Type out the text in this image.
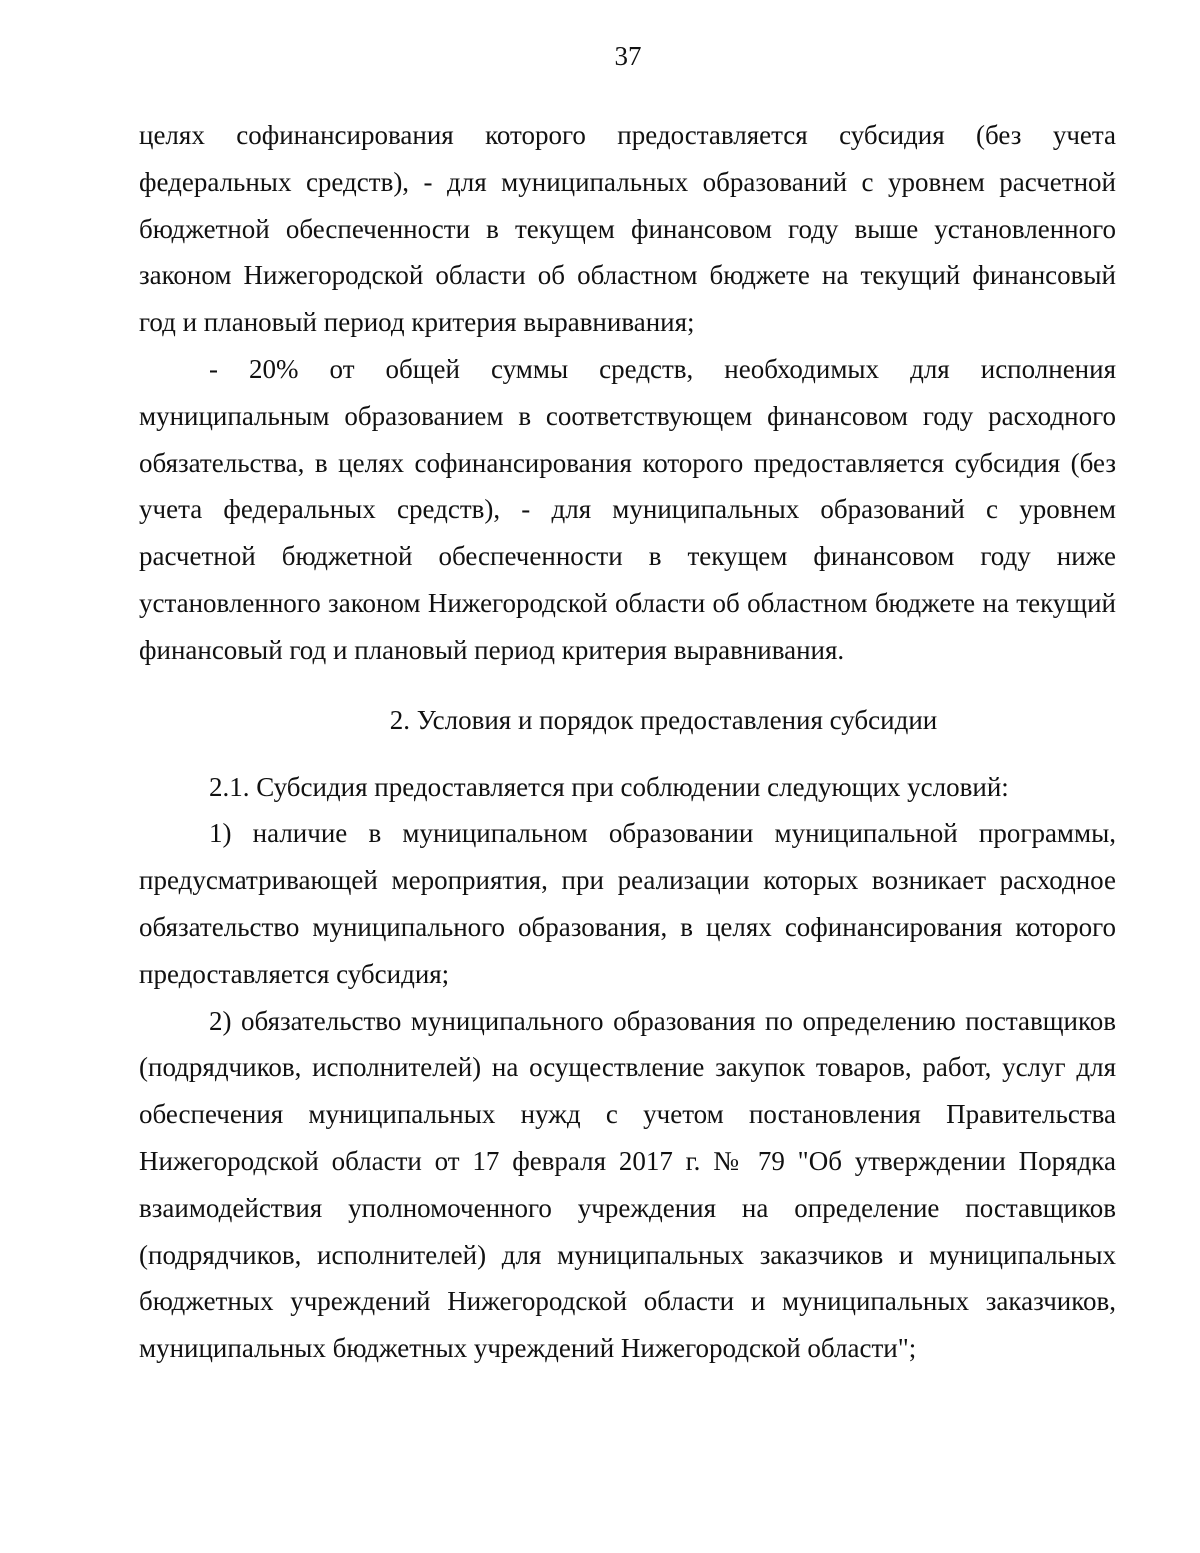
37

целях софинансирования которого предоставляется субсидия (без учета федеральных средств), - для муниципальных образований с уровнем расчетной бюджетной обеспеченности в текущем финансовом году выше установленного законом Нижегородской области об областном бюджете на текущий финансовый год и плановый период критерия выравнивания;

- 20% от общей суммы средств, необходимых для исполнения муниципальным образованием в соответствующем финансовом году расходного обязательства, в целях софинансирования которого предоставляется субсидия (без учета федеральных средств), - для муниципальных образований с уровнем расчетной бюджетной обеспеченности в текущем финансовом году ниже установленного законом Нижегородской области об областном бюджете на текущий финансовый год и плановый период критерия выравнивания.

2. Условия и порядок предоставления субсидии

2.1. Субсидия предоставляется при соблюдении следующих условий:

1) наличие в муниципальном образовании муниципальной программы, предусматривающей мероприятия, при реализации которых возникает расходное обязательство муниципального образования, в целях софинансирования которого предоставляется субсидия;

2) обязательство муниципального образования по определению поставщиков (подрядчиков, исполнителей) на осуществление закупок товаров, работ, услуг для обеспечения муниципальных нужд с учетом постановления Правительства Нижегородской области от 17 февраля 2017 г. № 79 "Об утверждении Порядка взаимодействия уполномоченного учреждения на определение поставщиков (подрядчиков, исполнителей) для муниципальных заказчиков и муниципальных бюджетных учреждений Нижегородской области и муниципальных заказчиков, муниципальных бюджетных учреждений Нижегородской области";
